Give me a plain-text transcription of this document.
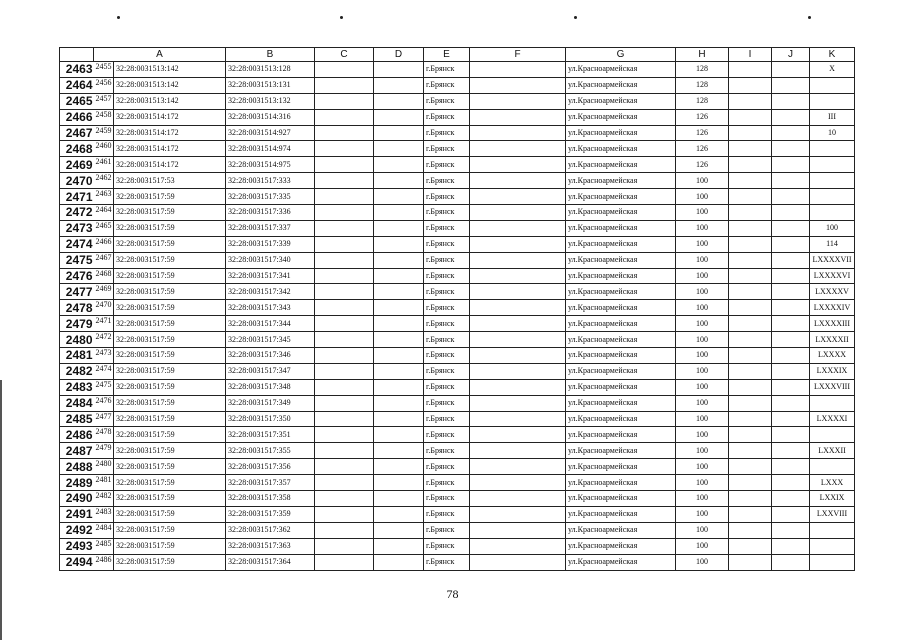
	A		B	C	D	E	F	G	H	I	J	K	
2463	2455	32:28:0031513:142	32:28:0031513:128			г.Брянск		ул.Красноармейская	128			X	
2464	2456	32:28:0031513:142	32:28:0031513:131			г.Брянск		ул.Красноармейская	128				
2465	2457	32:28:0031513:142	32:28:0031513:132			г.Брянск		ул.Красноармейская	128				
2466	2458	32:28:0031514:172	32:28:0031514:316			г.Брянск		ул.Красноармейская	126			III	
2467	2459	32:28:0031514:172	32:28:0031514:927			г.Брянск		ул.Красноармейская	126			10	
2468	2460	32:28:0031514:172	32:28:0031514:974			г.Брянск		ул.Красноармейская	126				
2469	2461	32:28:0031514:172	32:28:0031514:975			г.Брянск		ул.Красноармейская	126				
2470	2462	32:28:0031517:53	32:28:0031517:333			г.Брянск		ул.Красноармейская	100				
2471	2463	32:28:0031517:59	32:28:0031517:335			г.Брянск		ул.Красноармейская	100				
2472	2464	32:28:0031517:59	32:28:0031517:336			г.Брянск		ул.Красноармейская	100				
2473	2465	32:28:0031517:59	32:28:0031517:337			г.Брянск		ул.Красноармейская	100			100	
2474	2466	32:28:0031517:59	32:28:0031517:339			г.Брянск		ул.Красноармейская	100			114	
2475	2467	32:28:0031517:59	32:28:0031517:340			г.Брянск		ул.Красноармейская	100			LXXXXVII	
2476	2468	32:28:0031517:59	32:28:0031517:341			г.Брянск		ул.Красноармейская	100			LXXXXVI	
2477	2469	32:28:0031517:59	32:28:0031517:342			г.Брянск		ул.Красноармейская	100			LXXXXV	
2478	2470	32:28:0031517:59	32:28:0031517:343			г.Брянск		ул.Красноармейская	100			LXXXXIV	
2479	2471	32:28:0031517:59	32:28:0031517:344			г.Брянск		ул.Красноармейская	100			LXXXXIII	
2480	2472	32:28:0031517:59	32:28:0031517:345			г.Брянск		ул.Красноармейская	100			LXXXXII	
2481	2473	32:28:0031517:59	32:28:0031517:346			г.Брянск		ул.Красноармейская	100			LXXXX	
2482	2474	32:28:0031517:59	32:28:0031517:347			г.Брянск		ул.Красноармейская	100			LXXXIX	
2483	2475	32:28:0031517:59	32:28:0031517:348			г.Брянск		ул.Красноармейская	100			LXXXVIII	
2484	2476	32:28:0031517:59	32:28:0031517:349			г.Брянск		ул.Красноармейская	100				
2485	2477	32:28:0031517:59	32:28:0031517:350			г.Брянск		ул.Красноармейская	100			LXXXXI	
2486	2478	32:28:0031517:59	32:28:0031517:351			г.Брянск		ул.Красноармейская	100				
2487	2479	32:28:0031517:59	32:28:0031517:355			г.Брянск		ул.Красноармейская	100			LXXXII	
2488	2480	32:28:0031517:59	32:28:0031517:356			г.Брянск		ул.Красноармейская	100				
2489	2481	32:28:0031517:59	32:28:0031517:357			г.Брянск		ул.Красноармейская	100			LXXX	
2490	2482	32:28:0031517:59	32:28:0031517:358			г.Брянск		ул.Красноармейская	100			LXXIX	
2491	2483	32:28:0031517:59	32:28:0031517:359			г.Брянск		ул.Красноармейская	100			LXXVIII	
2492	2484	32:28:0031517:59	32:28:0031517:362			г.Брянск		ул.Красноармейская	100				
2493	2485	32:28:0031517:59	32:28:0031517:363			г.Брянск		ул.Красноармейская	100				
2494	2486	32:28:0031517:59	32:28:0031517:364			г.Брянск		ул.Красноармейская	100				
78
